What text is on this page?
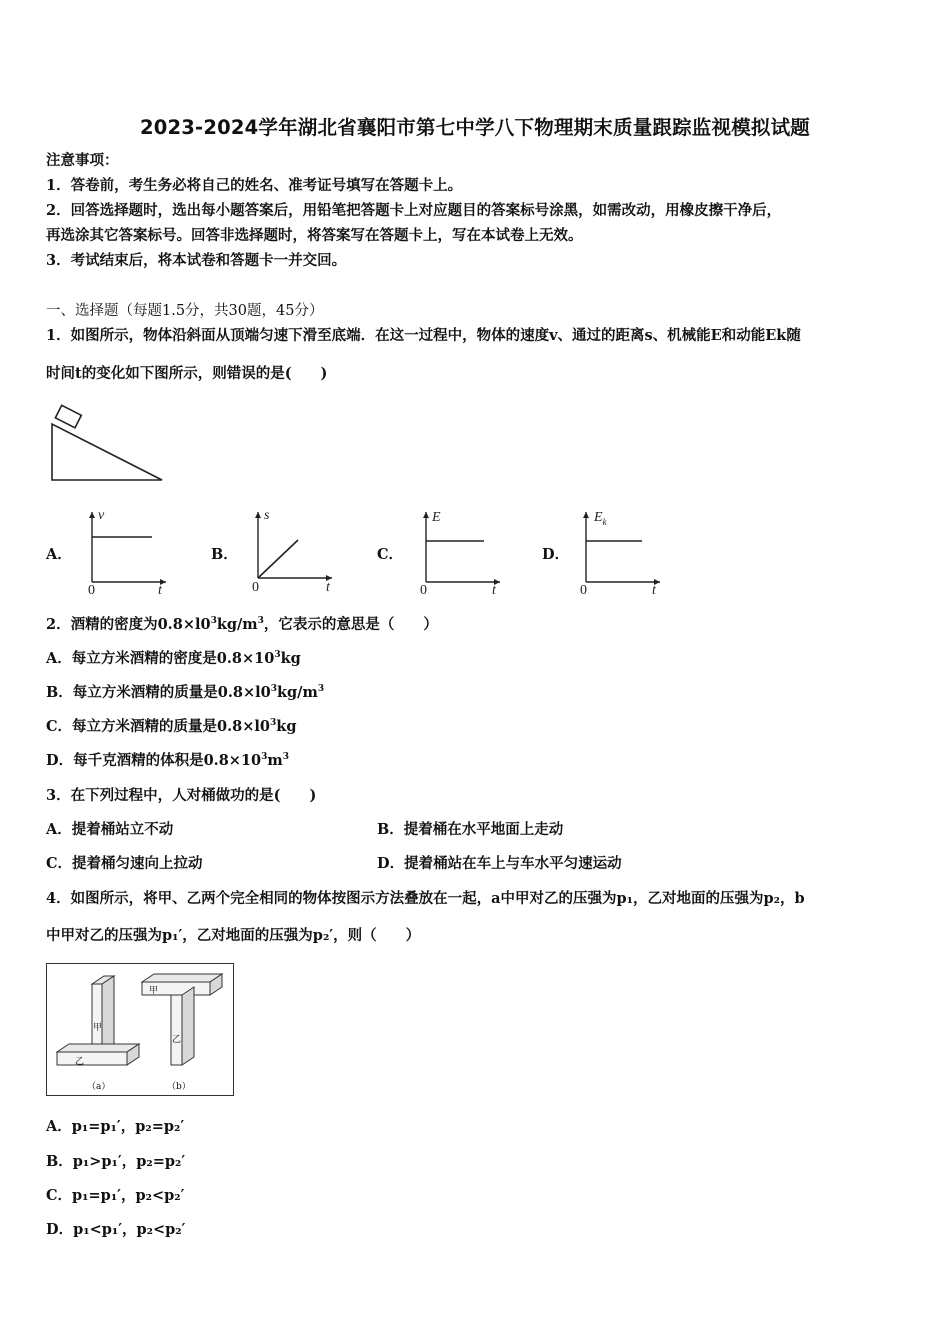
2023-2024学年湖北省襄阳市第七中学八下物理期末质量跟踪监视模拟试题
注意事项：
1．答卷前，考生务必将自己的姓名、准考证号填写在答题卡上。
2．回答选择题时，选出每小题答案后，用铅笔把答题卡上对应题目的答案标号涂黑，如需改动，用橡皮擦干净后，
再选涂其它答案标号。回答非选择题时，将答案写在答题卡上，写在本试卷上无效。
3．考试结束后，将本试卷和答题卡一并交回。
一、选择题（每题1.5分，共30题，45分）
1．如图所示，物体沿斜面从顶端匀速下滑至底端．在这一过程中，物体的速度v、通过的距离s、机械能E和动能Ek随
时间t的变化如下图所示，则错误的是(　　)
A．
v
t
0
B．
s
t
0
C．
E
t
0
D．
$E_k$
t
0
2．酒精的密度为$0.8\times l0^3kg/m^3$，它表示的意思是（　　）
A．每立方米酒精的密度是$0.8\times 10^3kg$
B．每立方米酒精的质量是$0.8\times l0^3kg/m^3$
C．每立方米酒精的质量是$0.8\times l0^3kg$
D．每千克酒精的体积是$0.8\times 10^3m^3$
3．在下列过程中，人对桶做功的是(　　)
A．提着桶站立不动	B．提着桶在水平地面上走动
C．提着桶匀速向上拉动	D．提着桶站在车上与车水平匀速运动
4．如图所示，将甲、乙两个完全相同的物体按图示方法叠放在一起，a中甲对乙的压强为p₁，乙对地面的压强为p₂，b
中甲对乙的压强为p₁′，乙对地面的压强为p₂′，则（　　）
甲
乙
甲
乙
（a）	（b）
A．p₁=p₁′，p₂=p₂′
B．p₁>p₁′，p₂=p₂′
C．p₁=p₁′，p₂<p₂′
D．p₁<p₁′，p₂<p₂′
